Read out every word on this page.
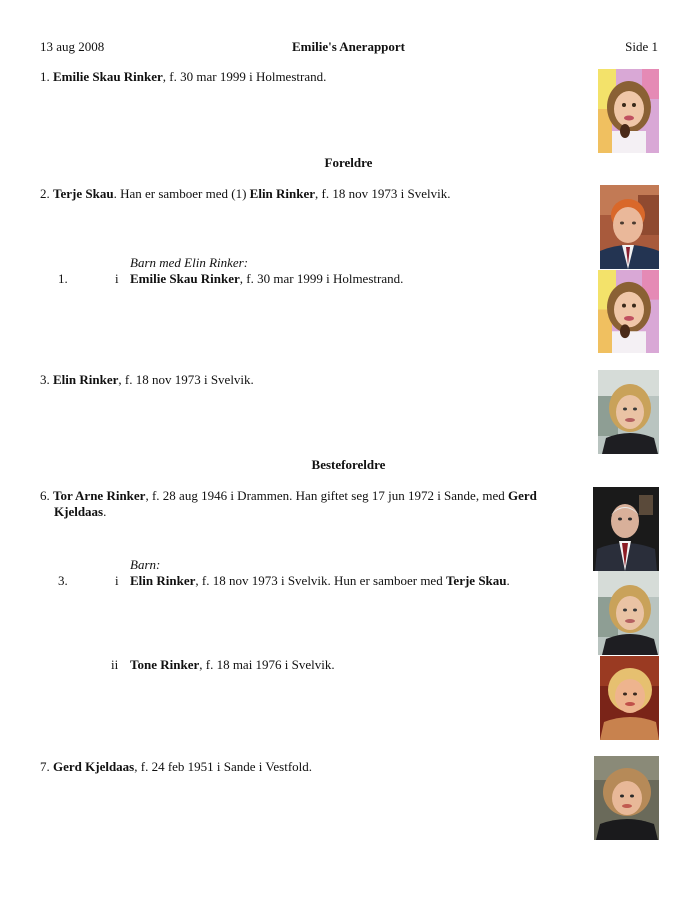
13 aug 2008	Emilie's Anerapport	Side 1
1. Emilie Skau Rinker, f. 30 mar 1999 i Holmestrand.
Foreldre
2. Terje Skau. Han er samboer med (1) Elin Rinker, f. 18 nov 1973 i Svelvik.
Barn med Elin Rinker:
1.	i Emilie Skau Rinker, f. 30 mar 1999 i Holmestrand.
3. Elin Rinker, f. 18 nov 1973 i Svelvik.
Besteforeldre
6. Tor Arne Rinker, f. 28 aug 1946 i Drammen. Han giftet seg 17 jun 1972 i Sande, med Gerd
Kjeldaas.
Barn:
3.	i Elin Rinker, f. 18 nov 1973 i Svelvik. Hun er samboer med Terje Skau.
ii Tone Rinker, f. 18 mai 1976 i Svelvik.
7. Gerd Kjeldaas, f. 24 feb 1951 i Sande i Vestfold.
